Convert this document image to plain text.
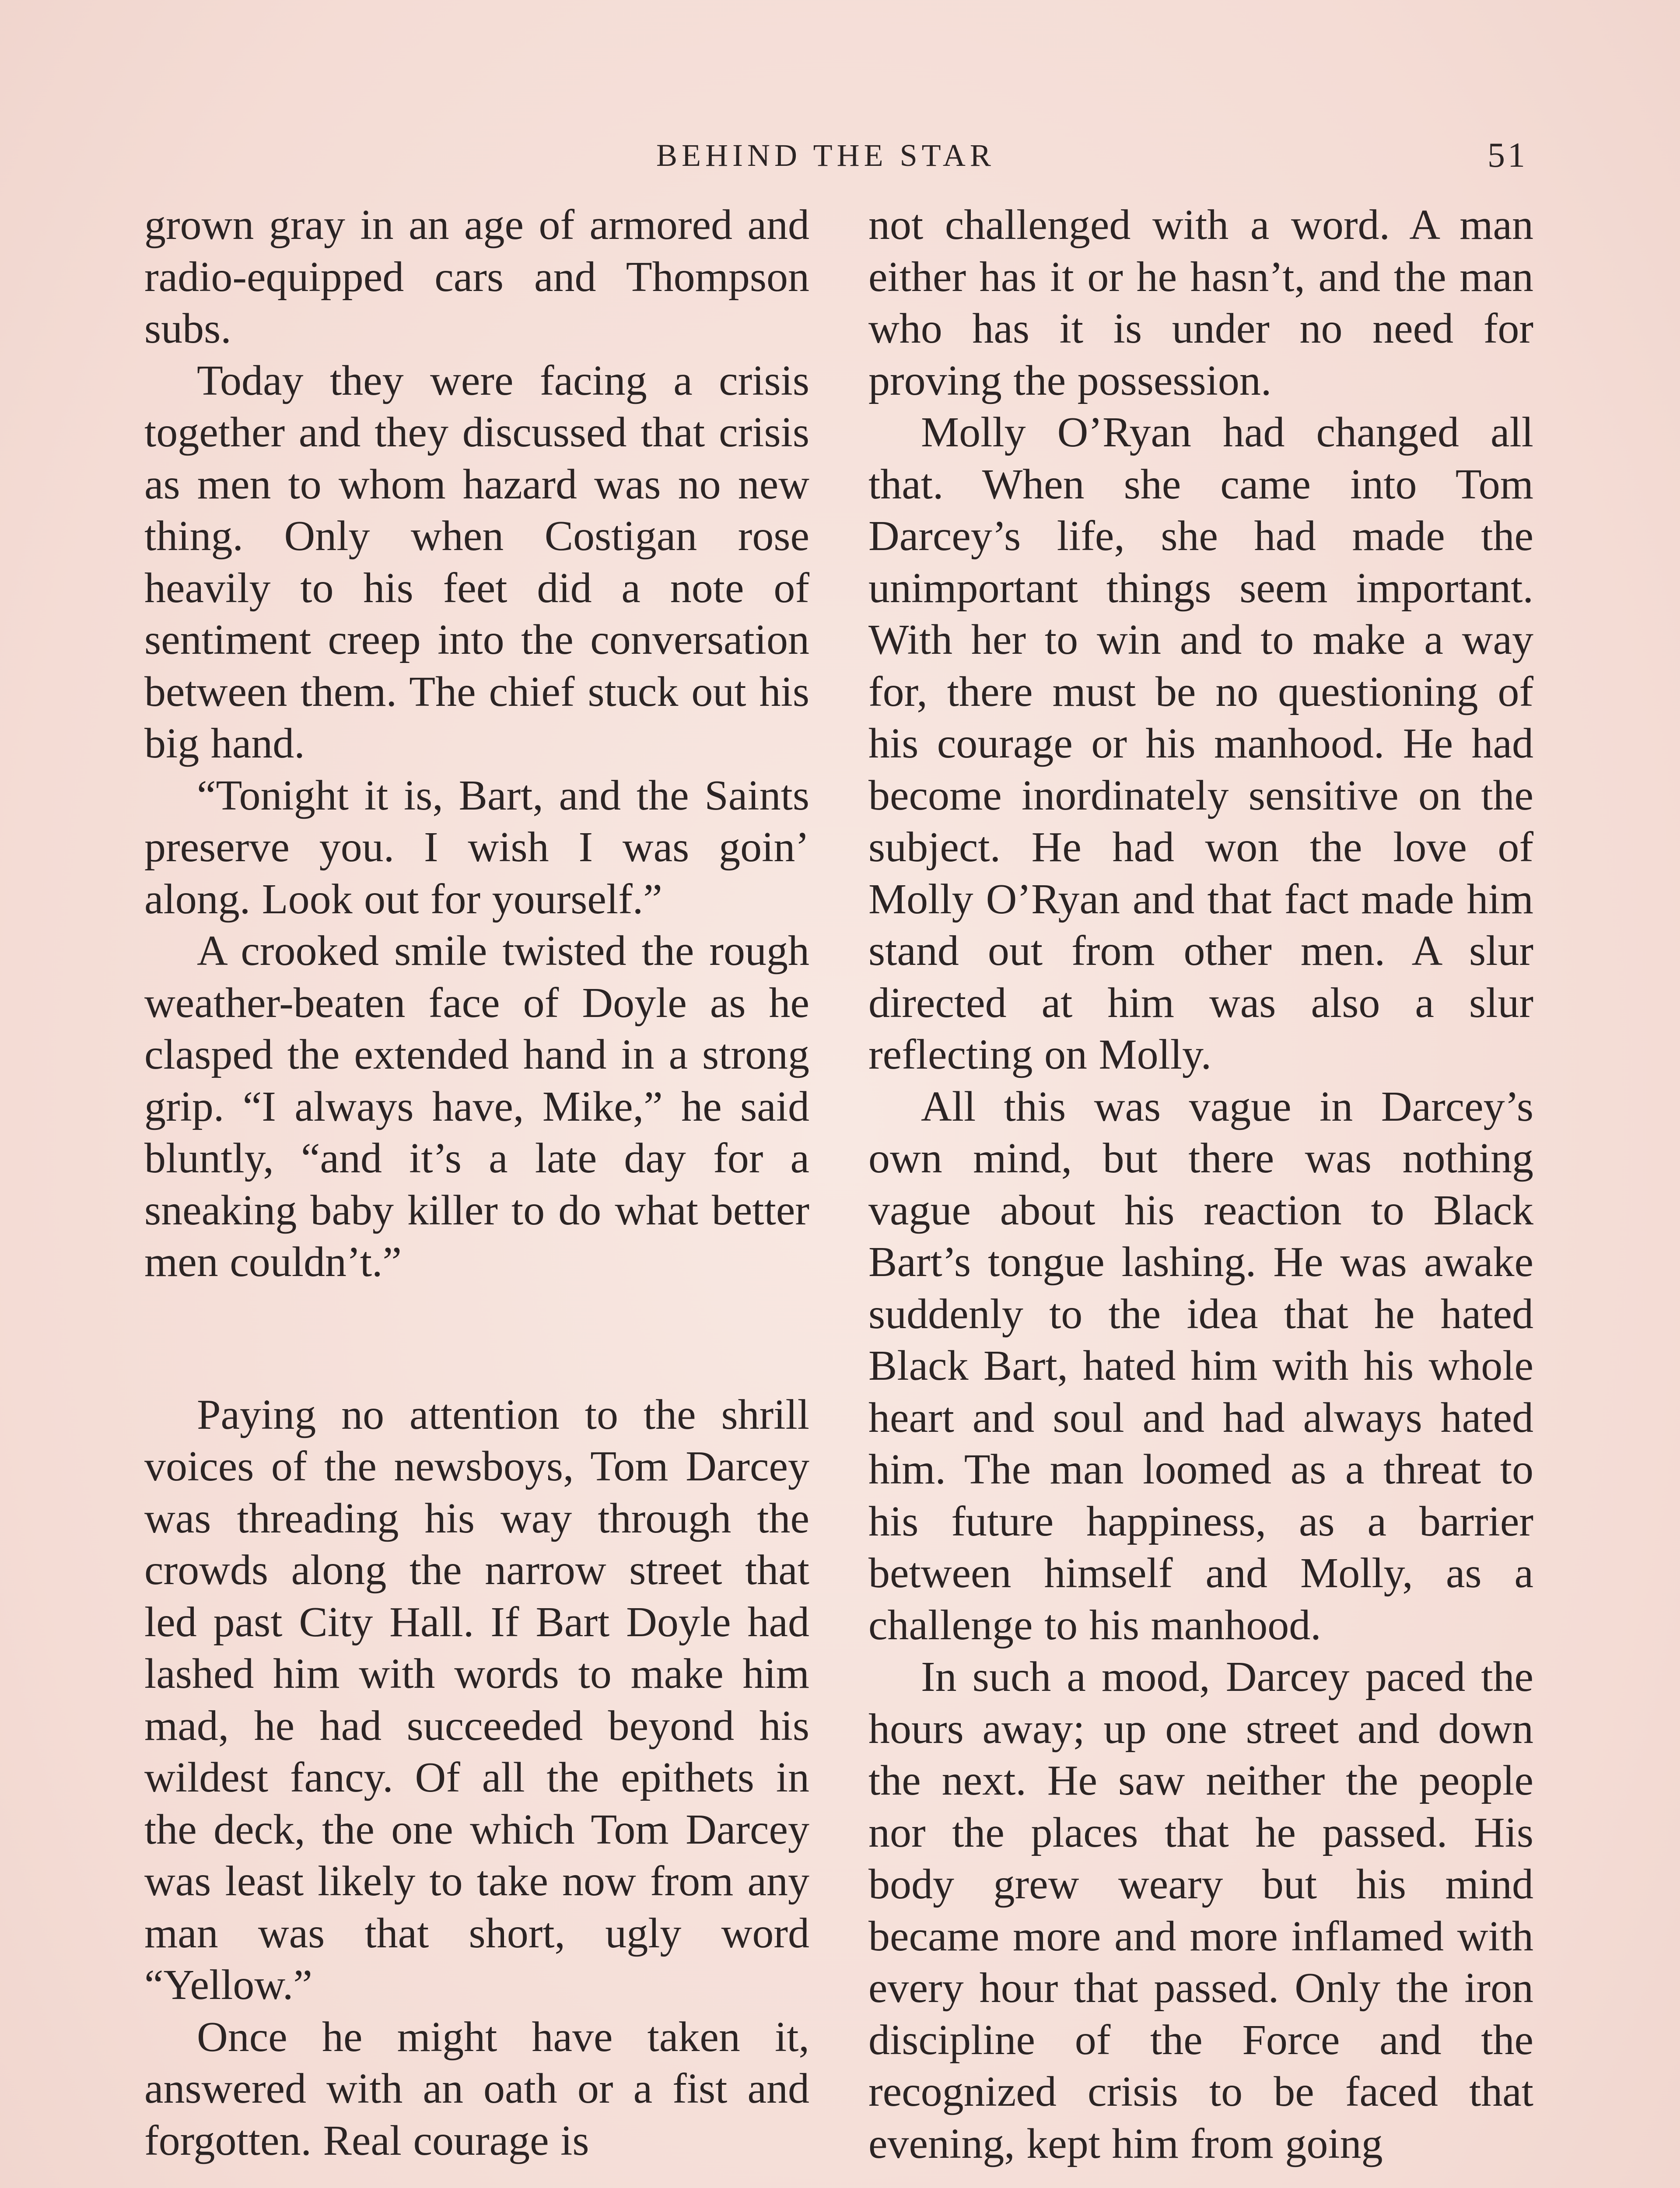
BEHIND THE STAR	51

grown gray in an age of armored and radio-equipped cars and Thompson subs.

Today they were facing a crisis together and they discussed that crisis as men to whom hazard was no new thing. Only when Costigan rose heavily to his feet did a note of sentiment creep into the conversation between them. The chief stuck out his big hand.

“Tonight it is, Bart, and the Saints preserve you. I wish I was goin’ along. Look out for yourself.”

A crooked smile twisted the rough weather-beaten face of Doyle as he clasped the extended hand in a strong grip. “I always have, Mike,” he said bluntly, “and it’s a late day for a sneaking baby killer to do what better men couldn’t.”

Paying no attention to the shrill voices of the newsboys, Tom Darcey was threading his way through the crowds along the narrow street that led past City Hall. If Bart Doyle had lashed him with words to make him mad, he had succeeded beyond his wildest fancy. Of all the epithets in the deck, the one which Tom Darcey was least likely to take now from any man was that short, ugly word “Yellow.”

Once he might have taken it, answered with an oath or a fist and forgotten. Real courage is

not challenged with a word. A man either has it or he hasn’t, and the man who has it is under no need for proving the possession.

Molly O’Ryan had changed all that. When she came into Tom Darcey’s life, she had made the unimportant things seem important. With her to win and to make a way for, there must be no questioning of his courage or his manhood. He had become inordinately sensitive on the subject. He had won the love of Molly O’Ryan and that fact made him stand out from other men. A slur directed at him was also a slur reflecting on Molly.

All this was vague in Darcey’s own mind, but there was nothing vague about his reaction to Black Bart’s tongue lashing. He was awake suddenly to the idea that he hated Black Bart, hated him with his whole heart and soul and had always hated him. The man loomed as a threat to his future happiness, as a barrier between himself and Molly, as a challenge to his manhood.

In such a mood, Darcey paced the hours away; up one street and down the next. He saw neither the people nor the places that he passed. His body grew weary but his mind became more and more inflamed with every hour that passed. Only the iron discipline of the Force and the recognized crisis to be faced that evening, kept him from going
